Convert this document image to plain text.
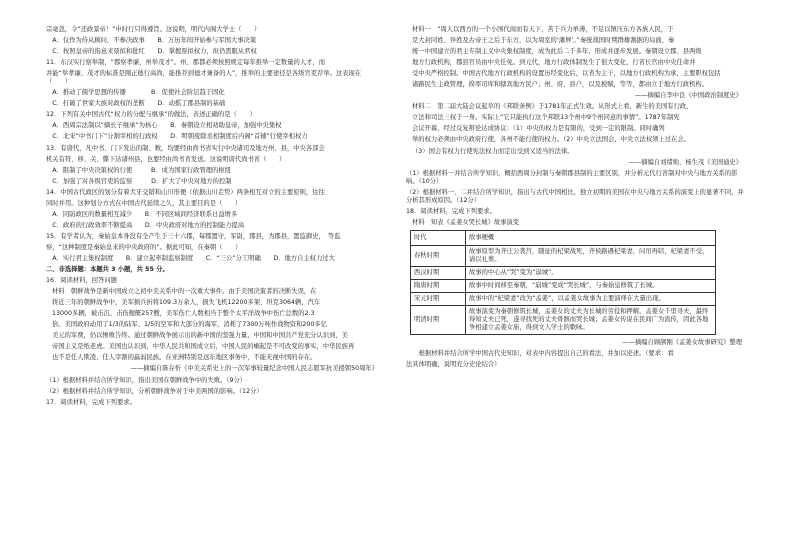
宗毫忽，令“还政景帝！”申时行只得遵旨。这说明，明代内阁大学士（　　）
　A．仅作为侍从顾问，不参决政事　　B．万历年间开始参与军国大事决策
　C．按照皇帝的指意来票拟和批红　　D．掌握票拟权力，但仍需服从君权
11．东汉实行察举制，“郡察孝廉，州举茂才”。州、郡都必须按照规定每年推举一定数量的人才，而
并能“举孝廉、茂才的标准是刚正德行高尚，能推荐到德才兼备的人”，推举的主要途径是各级官吏荐举。这表现在（　　）
　A．推动了儒学思想的传播　　　　B．促使社会阶层趋于固化
　C．打破了世家大族对政权的垄断　　D．动摇了郡县制的基础
12．下列有关中国古代“权力的分配与继承”的做法，表述正确的是（　　）
　A．西周宗法制以“嫡长子继承”为核心　　B．秦朝设立相劝助皇帝，加强中央集权
　C．北宋“中书门下”分割宰相的行政权　　D．明朝废除丞相制度后内阁“首辅”行使宰相权力
13．有唐代，凡中书、门下发出的制、敕，均要经由尚书省实行中央诸司及地方州、县，中央各部会
机关有符、移、关、牒下达诸州县，也要经由尚书省发送。这说明唐代尚书省（　　）
　A．限制了中央决策权的行使　　　B．成为国家行政管理的枢纽
　C．加强了对各级官吏的监察　　　D．扩大了中央对地方的控制
14．中国古代政区的划分有着犬牙交错和山川形便（依据山川走势）两条相互对立的主要原则，往往
同时并用。这种划分方式在中国古代延续之久，其主要目的是（　　）
　A．同防政区的数量相互减少　　B．不同区域间经济联系日益增多
　C．政府的行政效率不断提高　　D．中央政府对地方的控制能力提高
15．有学者认为，秦始皇本身没有全产生于三十六郡，每郡置守，军尉，郡县，为郡县，置监御史，　等监
察，“这种制度是秦始皇来的中央政府的”。据此可知，在秦朝（　　）
　A．实行君主集权制度　　B．建立起牵制监察制度　　C．“三公”分工明确　　D．地方自主权力过大
二、非选择题：本题共 3 小题，共 55 分。
16．阅读材料，回答问题
材料　朝鲜战争是新中国成立之初中美关系中的一次重大事件。由于美国决策者的决断失误，在
将近三年的朝鲜战争中，美军损兵折将109.3万余人，损失飞机12200多架、坦克3064辆，汽车
13000多辆，被击沉、击伤舰艇257艘，美军伤亡人数相当于整个太平洋战争中伤亡总数的2.3
倍。美国政府动用了1/3的陆军、1/5的空军和大部分的海军，消耗了7300万吨作战物资和200多亿
美元的军费，仍以惨败告终。通过朝鲜战争展示出的新中国的坚强力量，中国和中国共产党充分认识到，美
帝国主义是纸老虎。美国也认识到，中华人民共和国成立后，中国人民的崛起是不可改变的事实，中华民族再
也不是任人欺凌、任人宰割的羸弱民族。在亚洲特别是远东地区事务中，不能无视中国的存在。
——摘编自陈存忻《中美关系史上的一次军事较量纪念中国人民志愿军抗美援朝50周年》
（1）根据材料并结合所学知识，指出美国在朝鲜战争中的失败。（9分）
（2）根据材料并结合所学知识，分析朝鲜战争对于中美两国的影响。（12分）
17．阅读材料，完成下列要求。
材料一　“周人以西方的一个小国代商而有天下，苦于兵力单薄，不足以镇压东方各族人民，于
是大封同姓、异姓及古帝王之后于东方，以为周室的‘藩屏’。”秦统战国时期群雄割据的局面，秦
统一中国建立的君主专制主义中央集权制度，成为此后二千多年，形成并逐步发展。秦朝设立郡、县两级
地方行政机构，郡县官员由中央任免。到元代，地方行政体制发生了很大变化，行省长官由中央任命并
受中央严格控制。中国古代地方行政机构的设置历经变化后，以省为主干，以地方行政机构为承，主要职权包括
诸路民生主政管理，揆率司库和辖宾地方民户；州、府、县户，以及税赋，等等，都由立于地方行政机构。
——摘编自李中良《中国政治制度史》
材料二　第二届大陆会议起草的《邦联条例》于1781年正式生效。从形式上看，新生的美国有行政、
立法和司法三权于一身。实际上“它只能执行这个邦联13个州中9个州同意的事情”。1787年制宪
会议开幕，经过反复辩论达成协议：（1）中央的权力是有限的，受到一定的限制。同时确列
举的权力必须由中央政府行使，各州不能行使的权力。（2）中央立法国会，中央立法权须上过在会。
（3）国会有权力行使宪法权力而定出受到又适当的法律。
——摘编自刘绪贻、杨生茂《美国通史》
（1）根据材料一并结合所学知识，概括西周分封制与秦朝郡县制的主要区别，并分析元代行省制对中央与地方关系的影响。（10分）
（2）根据材料一、二并结合所学知识，指出与古代中国相比，独立初期的美国在中央与地方关系的演变上的显著不同，并分析其形成原因。（12分）
18．阅读材料，完成下列要求。
材料　知表《孟姜女哭长城》故事演变
时代	故事梗概
春秋时期	故事原型为齐庄公袭莒，随征的杞梁战死，齐侯路遇杞梁妻，问吊再唁，杞梁妻不受，请以礼葬。
西汉时期	故事的中心从“哭”变为“崩城”。
隋唐时期	故事中时间移至秦朝，“崩城”变成“哭长城”，与秦始皇修筑了长城。
宋元时期	故事中的“杞梁妻”改为“孟姜”，以孟姜女故事为主要演绎在大量出现。
明清时期	故事演变为秦朝修筑长城，孟姜女的丈夫为长城的劳役和押解，孟姜女千里寻夫，最终得知丈夫已死，遂寻找死的丈夫骨骸而哭长城；孟姜女传说在民间广为流传，因此各地争相建立孟姜女庙，得到文人学士的歌咏。
——摘编自顾颉刚《孟姜女故事研究》整理
　　根据材料并结合所学中国古代史知识，对表中内容提出自己的看法，并加以论述。（要求：看
法具体明确，说明充分史论结合）
